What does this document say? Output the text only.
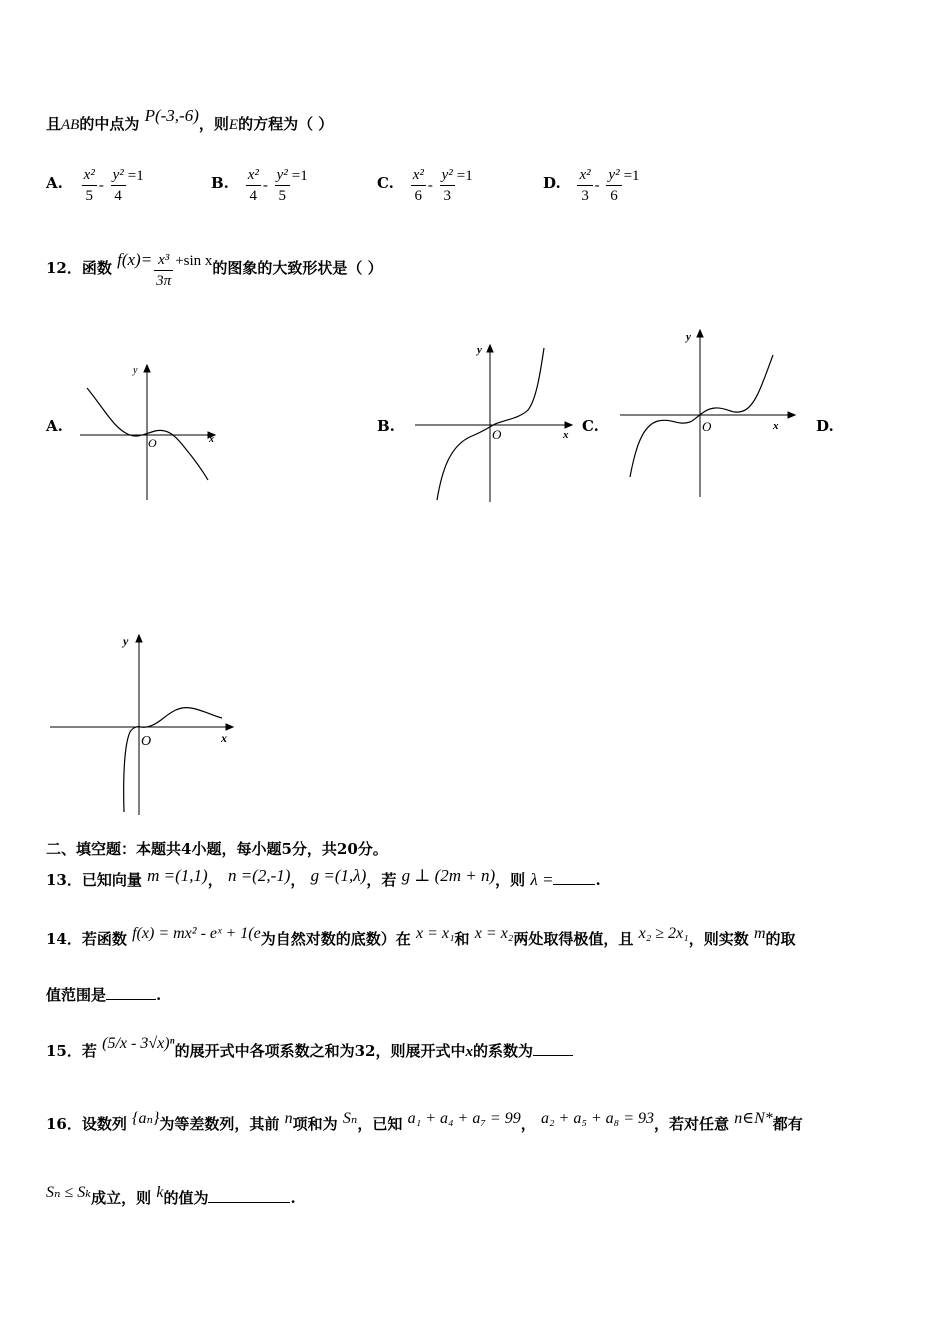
且AB的中点为 P(-3,-6)，则E的方程为（ ）
A. $\frac{\text{x²}}{5} - \frac{\text{y²}}{4} =1$	B. $\frac{\text{x²}}{4} - \frac{\text{y²}}{5} =1$	C. $\frac{\text{x²}}{6} - \frac{\text{y²}}{3} =1$	D. $\frac{\text{x²}}{3} - \frac{\text{y²}}{6} =1$
12．函数 $f(x)= \frac{\text{x³}}{3\pi} +\sin$ x的图象的大致形状是（ ）
A.	B.	C.	D.
x
y
O
x
y
O
x
y
O
x
y
O
二、填空题：本题共4小题，每小题5分，共20分。
13．已知向量 m =(1,1)， n =(2,-1)， g =(1,λ)，若 g ⊥ (2m + n)，则 λ =	.
14．若函数 f(x) = mx² - eˣ + 1(e为自然对数的底数）在 x = x₁和 x = x₂两处取得极值，且 x₂ ≥ 2x₁，则实数 m的取
值范围是	.
15．若 (5/x - 3√x)ⁿ的展开式中各项系数之和为32，则展开式中x的系数为
16．设数列 {aₙ}为等差数列，其前 n项和为 Sₙ，已知 a₁ + a₄ + a₇ = 99， a₂ + a₅ + a₈ = 93，若对任意 n∈N*都有
Sₙ ≤ Sₖ成立，则 k的值为	.
